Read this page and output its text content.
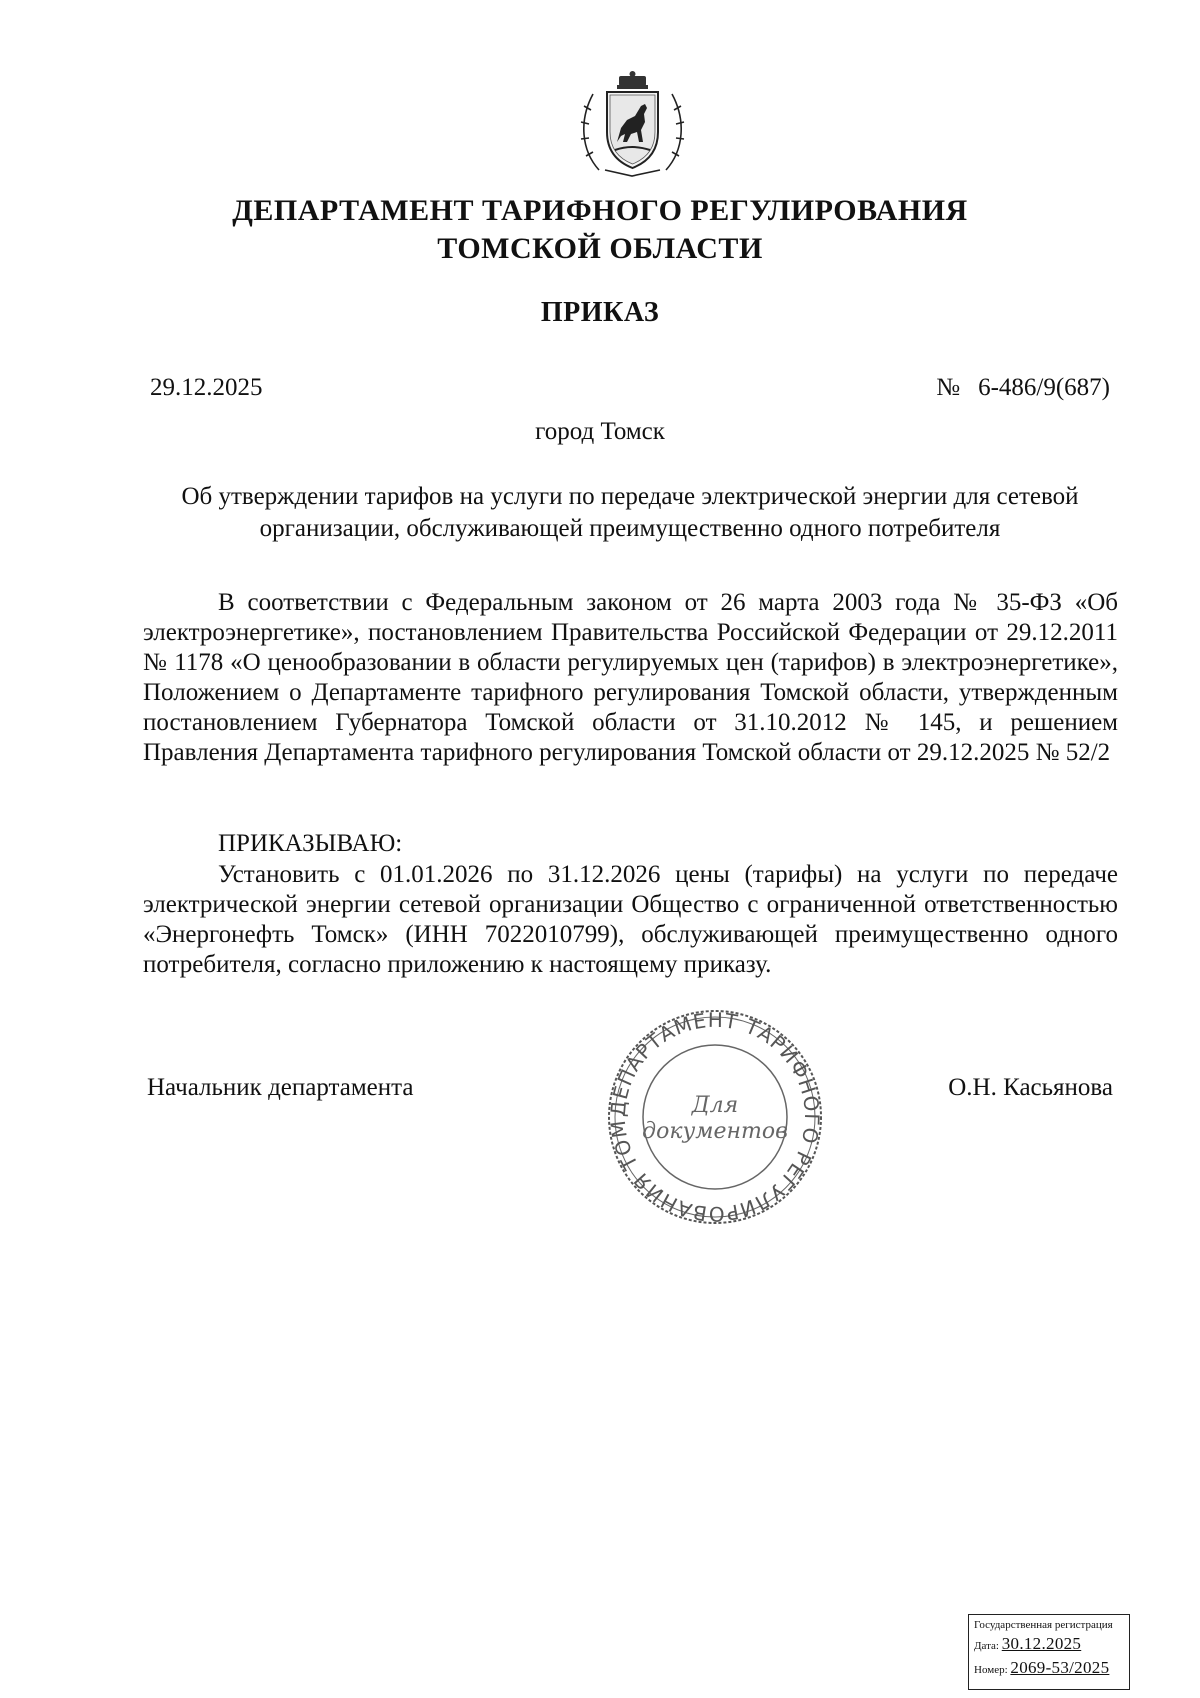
ДЕПАРТАМЕНТ ТАРИФНОГО РЕГУЛИРОВАНИЯ
ТОМСКОЙ ОБЛАСТИ
ПРИКАЗ
29.12.2025	№ 6-486/9(687)
город Томск
Об утверждении тарифов на услуги по передаче электрической энергии для сетевой организации, обслуживающей преимущественно одного потребителя
В соответствии с Федеральным законом от 26 марта 2003 года № 35-ФЗ «Об электроэнергетике», постановлением Правительства Российской Федерации от 29.12.2011 № 1178 «О ценообразовании в области регулируемых цен (тарифов) в электроэнергетике», Положением о Департаменте тарифного регулирования Томской области, утвержденным постановлением Губернатора Томской области от 31.10.2012 № 145, и решением Правления Департамента тарифного регулирования Томской области от 29.12.2025 № 52/2
ПРИКАЗЫВАЮ:
Установить с 01.01.2026 по 31.12.2026 цены (тарифы) на услуги по передаче электрической энергии сетевой организации Общество с ограниченной ответственностью «Энергонефть Томск» (ИНН 7022010799), обслуживающей преимущественно одного потребителя, согласно приложению к настоящему приказу.
Начальник департамента	О.Н. Касьянова
ДЕПАРТАМЕНТ ТАРИФНОГО РЕГУЛИРОВАНИЯ ТОМ
Для
документов
Государственная регистрация
Дата: 30.12.2025
Номер: 2069-53/2025
